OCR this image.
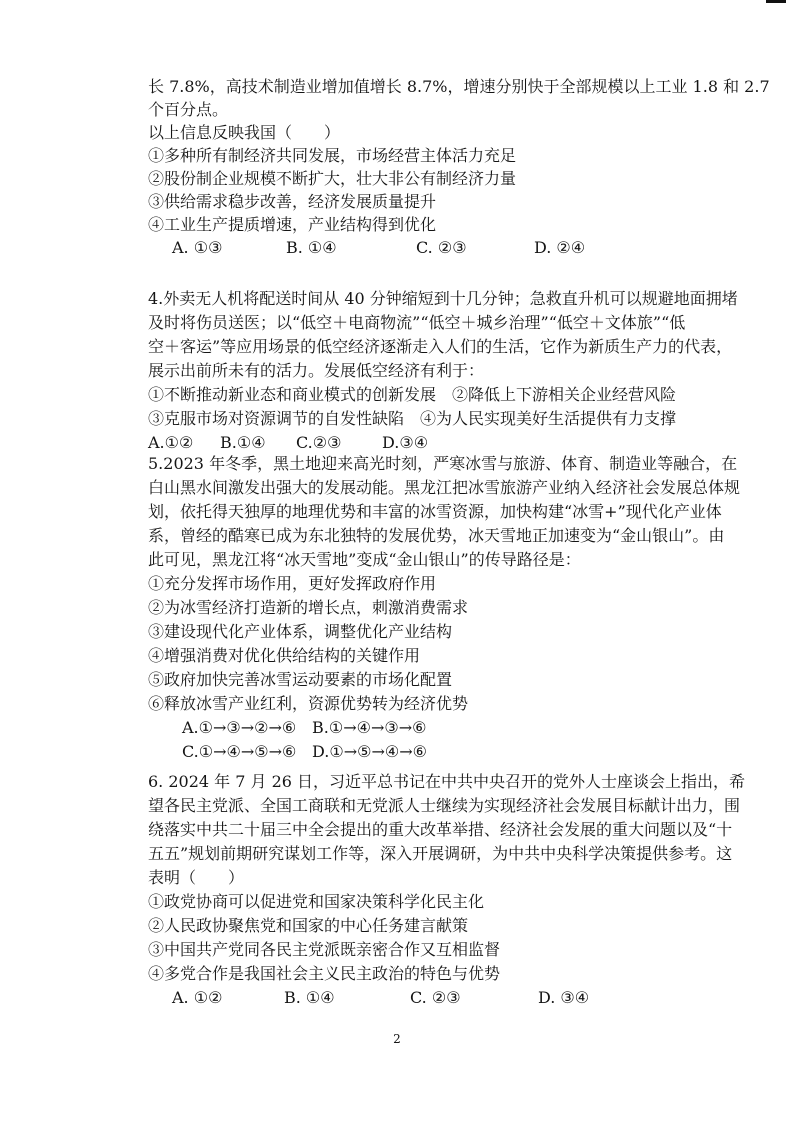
长 7.8%，高技术制造业增加值增长 8.7%，增速分别快于全部规模以上工业 1.8 和 2.7
个百分点。
以上信息反映我国（　　）
①多种所有制经济共同发展，市场经营主体活力充足
②股份制企业规模不断扩大，壮大非公有制经济力量
③供给需求稳步改善，经济发展质量提升
④工业生产提质增速，产业结构得到优化
A. ①③	B. ①④	C. ②③	D. ②④
4.外卖无人机将配送时间从 40 分钟缩短到十几分钟；急救直升机可以规避地面拥堵
及时将伤员送医；以“低空＋电商物流”“低空＋城乡治理”“低空＋文体旅”“低
空＋客运”等应用场景的低空经济逐渐走入人们的生活，它作为新质生产力的代表，
展示出前所未有的活力。发展低空经济有利于：
①不断推动新业态和商业模式的创新发展　②降低上下游相关企业经营风险
③克服市场对资源调节的自发性缺陷　④为人民实现美好生活提供有力支撑
A.①② B.①④ C.②③	D.③④
5.2023 年冬季，黑土地迎来高光时刻，严寒冰雪与旅游、体育、制造业等融合，在
白山黑水间激发出强大的发展动能。黑龙江把冰雪旅游产业纳入经济社会发展总体规
划，依托得天独厚的地理优势和丰富的冰雪资源，加快构建“冰雪+”现代化产业体
系，曾经的酷寒已成为东北独特的发展优势，冰天雪地正加速变为“金山银山”。由
此可见，黑龙江将“冰天雪地”变成“金山银山”的传导路径是：
①充分发挥市场作用，更好发挥政府作用
②为冰雪经济打造新的增长点，刺激消费需求
③建设现代化产业体系，调整优化产业结构
④增强消费对优化供给结构的关键作用
⑤政府加快完善冰雪运动要素的市场化配置
⑥释放冰雪产业红利，资源优势转为经济优势
A.①→③→②→⑥ B.①→④→③→⑥
C.①→④→⑤→⑥ D.①→⑤→④→⑥
6. 2024 年 7 月 26 日，习近平总书记在中共中央召开的党外人士座谈会上指出，希
望各民主党派、全国工商联和无党派人士继续为实现经济社会发展目标献计出力，围
绕落实中共二十届三中全会提出的重大改革举措、经济社会发展的重大问题以及“十
五五”规划前期研究谋划工作等，深入开展调研，为中共中央科学决策提供参考。这
表明（　　）
①政党协商可以促进党和国家决策科学化民主化
②人民政协聚焦党和国家的中心任务建言献策
③中国共产党同各民主党派既亲密合作又互相监督
④多党合作是我国社会主义民主政治的特色与优势
A. ①②	B. ①④	C. ②③	D. ③④
2
